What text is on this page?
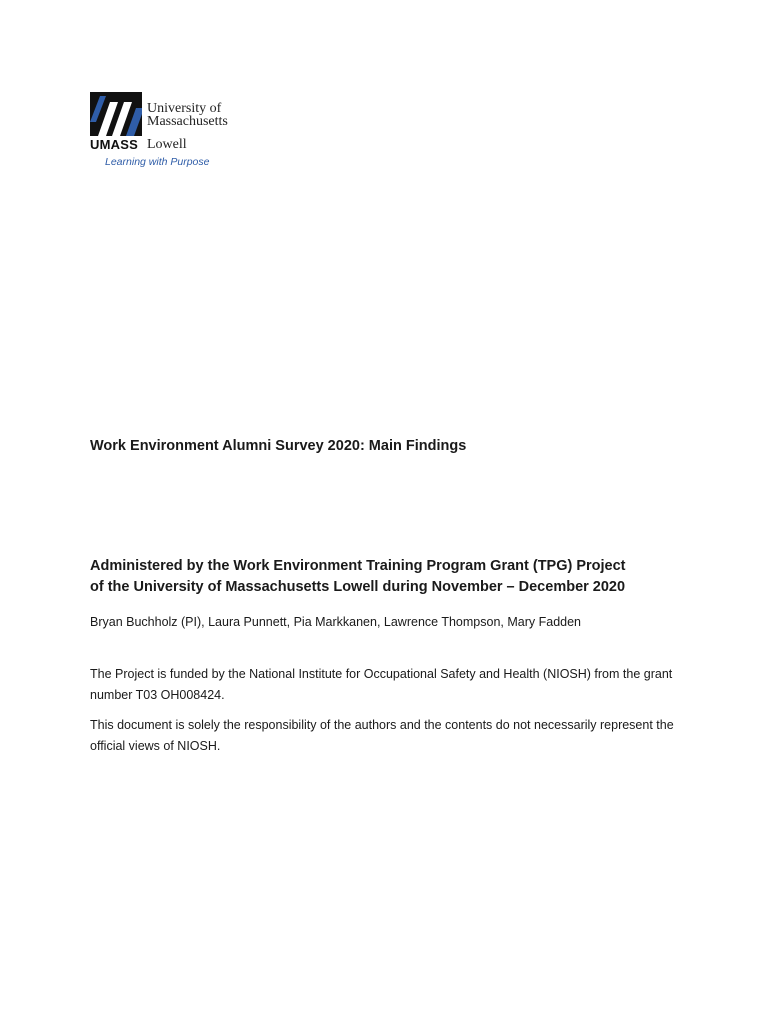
University of
Massachusetts
UMASS Lowell
Learning with Purpose
Work Environment Alumni Survey 2020: Main Findings
Administered by the Work Environment Training Program Grant (TPG) Project
of the University of Massachusetts Lowell during November – December 2020
Bryan Buchholz (PI), Laura Punnett, Pia Markkanen, Lawrence Thompson, Mary Fadden
The Project is funded by the National Institute for Occupational Safety and Health (NIOSH) from the grant number T03 OH008424.
This document is solely the responsibility of the authors and the contents do not necessarily represent the official views of NIOSH.
